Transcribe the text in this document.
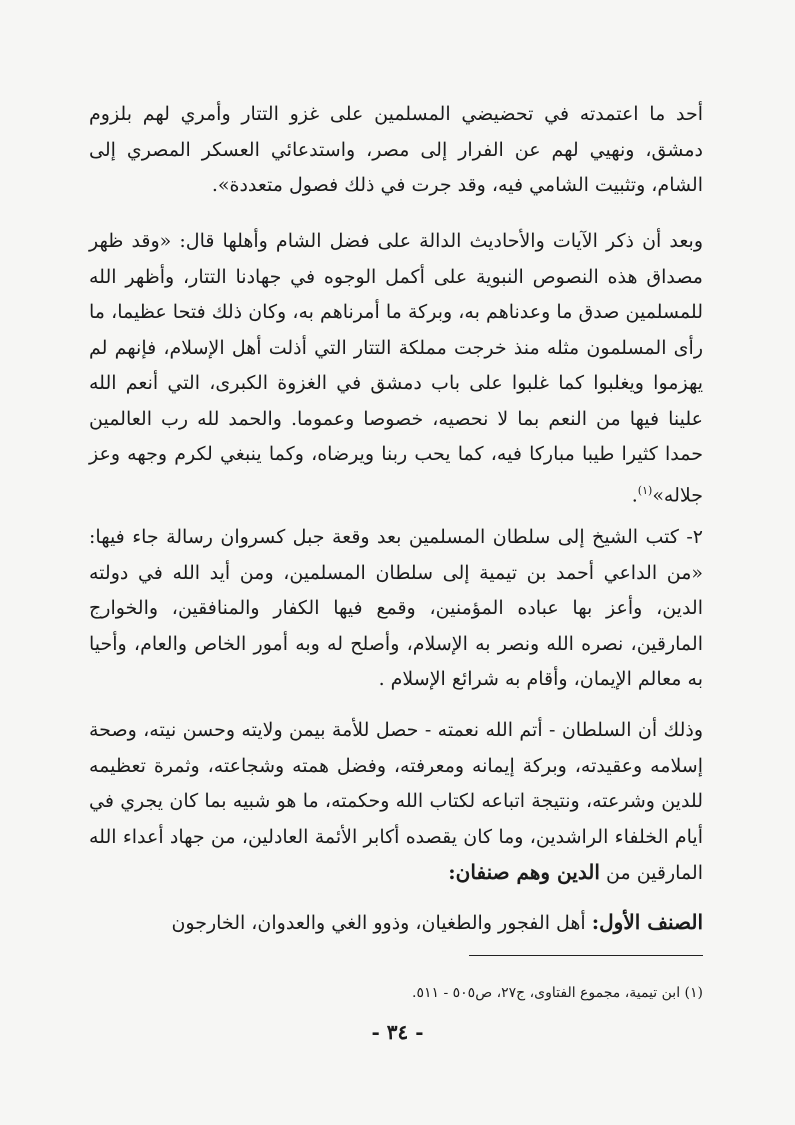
أحد ما اعتمدته في تحضيضي المسلمين على غزو التتار وأمري لهم بلزوم دمشق، ونهيي لهم عن الفرار إلى مصر، واستدعائي العسكر المصري إلى الشام، وتثبيت الشامي فيه، وقد جرت في ذلك فصول متعددة».

وبعد أن ذكر الآيات والأحاديث الدالة على فضل الشام وأهلها قال: «وقد ظهر مصداق هذه النصوص النبوية على أكمل الوجوه في جهادنا التتار، وأظهر الله للمسلمين صدق ما وعدناهم به، وبركة ما أمرناهم به، وكان ذلك فتحا عظيما، ما رأى المسلمون مثله منذ خرجت مملكة التتار التي أذلت أهل الإسلام، فإنهم لم يهزموا ويغلبوا كما غلبوا على باب دمشق في الغزوة الكبرى، التي أنعم الله علينا فيها من النعم بما لا نحصيه، خصوصا وعموما. والحمد لله رب العالمين حمدا كثيرا طيبا مباركا فيه، كما يحب ربنا ويرضاه، وكما ينبغي لكرم وجهه وعز جلاله»$^{(١)}$.

٢- كتب الشيخ إلى سلطان المسلمين بعد وقعة جبل كسروان رسالة جاء فيها: «من الداعي أحمد بن تيمية إلى سلطان المسلمين، ومن أيد الله في دولته الدين، وأعز بها عباده المؤمنين، وقمع فيها الكفار والمنافقين، والخوارج المارقين، نصره الله ونصر به الإسلام، وأصلح له وبه أمور الخاص والعام، وأحيا به معالم الإيمان، وأقام به شرائع الإسلام .

وذلك أن السلطان - أتم الله نعمته - حصل للأمة بيمن ولايته وحسن نيته، وصحة إسلامه وعقيدته، وبركة إيمانه ومعرفته، وفضل همته وشجاعته، وثمرة تعظيمه للدين وشرعته، ونتيجة اتباعه لكتاب الله وحكمته، ما هو شبيه بما كان يجري في أيام الخلفاء الراشدين، وما كان يقصده أكابر الأئمة العادلين، من جهاد أعداء الله المارقين من الدين وهم صنفان:

الصنف الأول: أهل الفجور والطغيان، وذوو الغي والعدوان، الخارجون

(١) ابن تيمية، مجموع الفتاوى، ج٢٧، ص٥٠٥ - ٥١١.
- ٣٤ -
